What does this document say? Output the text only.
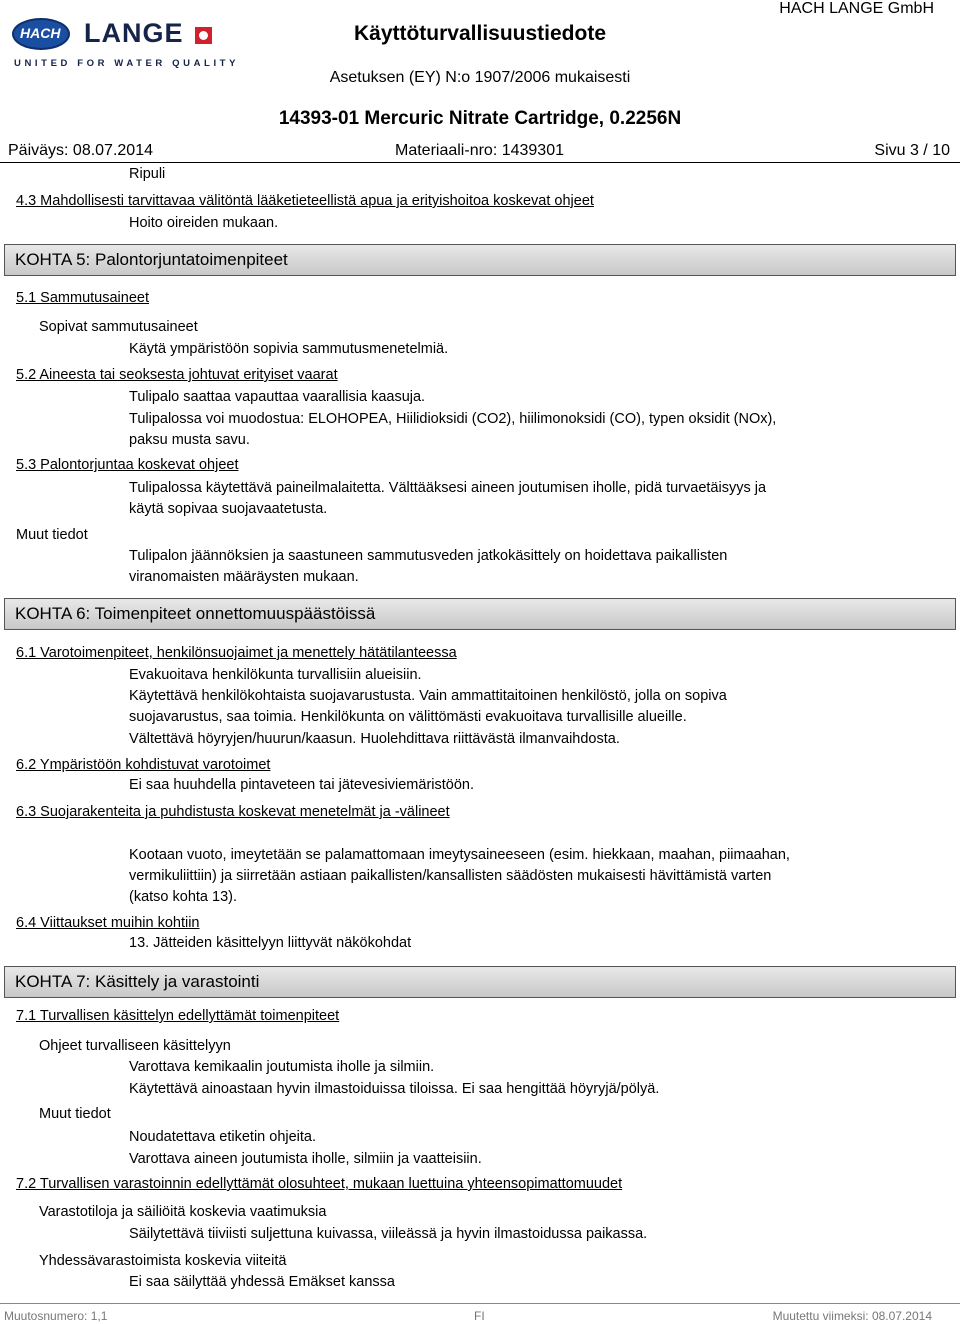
HACH LANGE
UNITED FOR WATER QUALITY
Käyttöturvallisuustiedote
HACH LANGE GmbH
Asetuksen (EY) N:o 1907/2006 mukaisesti
14393-01 Mercuric Nitrate Cartridge, 0.2256N
Päiväys: 08.07.2014	Materiaali-nro: 1439301	Sivu 3 / 10
Ripuli
4.3 Mahdollisesti tarvittavaa välitöntä lääketieteellistä apua ja erityishoitoa koskevat ohjeet
Hoito oireiden mukaan.
KOHTA 5: Palontorjuntatoimenpiteet
5.1 Sammutusaineet
Sopivat sammutusaineet
Käytä ympäristöön sopivia sammutusmenetelmiä.
5.2 Aineesta tai seoksesta johtuvat erityiset vaarat
Tulipalo saattaa vapauttaa vaarallisia kaasuja.
Tulipalossa voi muodostua: ELOHOPEA, Hiilidioksidi (CO2), hiilimonoksidi (CO), typen oksidit (NOx),
paksu musta savu.
5.3 Palontorjuntaa koskevat ohjeet
Tulipalossa käytettävä paineilmalaitetta. Välttääksesi aineen joutumisen iholle, pidä turvaetäisyys ja
käytä sopivaa suojavaatetusta.
Muut tiedot
Tulipalon jäännöksien ja saastuneen sammutusveden jatkokäsittely on hoidettava paikallisten
viranomaisten määräysten mukaan.
KOHTA 6: Toimenpiteet onnettomuuspäästöissä
6.1 Varotoimenpiteet, henkilönsuojaimet ja menettely hätätilanteessa
Evakuoitava henkilökunta turvallisiin alueisiin.
Käytettävä henkilökohtaista suojavarustusta. Vain ammattitaitoinen henkilöstö, jolla on sopiva
suojavarustus, saa toimia. Henkilökunta on välittömästi evakuoitava turvallisille alueille.
Vältettävä höyryjen/huurun/kaasun. Huolehdittava riittävästä ilmanvaihdosta.
6.2 Ympäristöön kohdistuvat varotoimet
Ei saa huuhdella pintaveteen tai jätevesiviemäristöön.
6.3 Suojarakenteita ja puhdistusta koskevat menetelmät ja -välineet
Kootaan vuoto, imeytetään se palamattomaan imeytysaineeseen (esim. hiekkaan, maahan, piimaahan,
vermikuliittiin) ja siirretään astiaan paikallisten/kansallisten säädösten mukaisesti hävittämistä varten
(katso kohta 13).
6.4 Viittaukset muihin kohtiin
13. Jätteiden käsittelyyn liittyvät näkökohdat
KOHTA 7: Käsittely ja varastointi
7.1 Turvallisen käsittelyn edellyttämät toimenpiteet
Ohjeet turvalliseen käsittelyyn
Varottava kemikaalin joutumista iholle ja silmiin.
Käytettävä ainoastaan hyvin ilmastoiduissa tiloissa. Ei saa hengittää höyryjä/pölyä.
Muut tiedot
Noudatettava etiketin ohjeita.
Varottava aineen joutumista iholle, silmiin ja vaatteisiin.
7.2 Turvallisen varastoinnin edellyttämät olosuhteet, mukaan luettuina yhteensopimattomuudet
Varastotiloja ja säiliöitä koskevia vaatimuksia
Säilytettävä tiiviisti suljettuna kuivassa, viileässä ja hyvin ilmastoidussa paikassa.
Yhdessävarastoimista koskevia viiteitä
Ei saa säilyttää yhdessä Emäkset kanssa
Muutosnumero: 1,1	FI	Muutettu viimeksi: 08.07.2014
